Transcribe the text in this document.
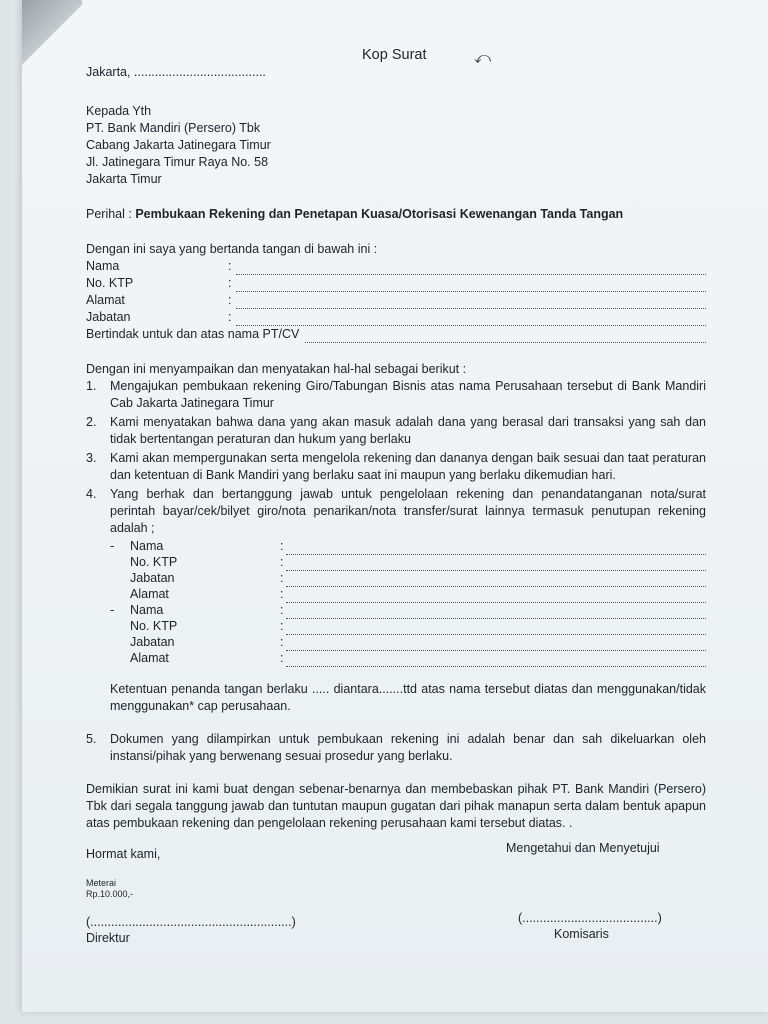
Kop Surat	⤺
Jakarta, ......................................
Kepada Yth
PT. Bank Mandiri (Persero) Tbk
Cabang Jakarta Jatinegara Timur
Jl. Jatinegara Timur Raya No. 58
Jakarta Timur
Perihal : Pembukaan Rekening dan Penetapan Kuasa/Otorisasi Kewenangan Tanda Tangan
Dengan ini saya yang bertanda tangan di bawah ini :
Nama	:
No. KTP	:
Alamat	:
Jabatan	:
Bertindak untuk dan atas nama PT/CV
Dengan ini menyampaikan dan menyatakan hal-hal sebagai berikut :
1.	Mengajukan pembukaan rekening Giro/Tabungan Bisnis atas nama Perusahaan tersebut di Bank Mandiri Cab Jakarta Jatinegara Timur
2.	Kami menyatakan bahwa dana yang akan masuk adalah dana yang berasal dari transaksi yang sah dan tidak bertentangan peraturan dan hukum yang berlaku
3.	Kami akan mempergunakan serta mengelola rekening dan dananya dengan baik sesuai dan taat peraturan dan ketentuan di Bank Mandiri yang berlaku saat ini maupun yang berlaku dikemudian hari.
4.	Yang berhak dan bertanggung jawab untuk pengelolaan rekening dan penandatanganan nota/surat perintah bayar/cek/bilyet giro/nota penarikan/nota transfer/surat lainnya termasuk penutupan rekening adalah ;
-	Nama	:
No. KTP	:
Jabatan	:
Alamat	:
-	Nama	:
No. KTP	:
Jabatan	:
Alamat	:
Ketentuan penanda tangan berlaku ..... diantara.......ttd atas nama tersebut diatas dan menggunakan/tidak menggunakan* cap perusahaan.
5.	Dokumen yang dilampirkan untuk pembukaan rekening ini adalah benar dan sah dikeluarkan oleh instansi/pihak yang berwenang sesuai prosedur yang berlaku.
Demikian surat ini kami buat dengan sebenar-benarnya dan membebaskan pihak PT. Bank Mandiri (Persero) Tbk dari segala tanggung jawab dan tuntutan maupun gugatan dari pihak manapun serta dalam bentuk apapun atas pembukaan rekening dan pengelolaan rekening perusahaan kami tersebut diatas. .
Hormat kami,	Mengetahui dan Menyetujui
Meterai
Rp.10.000,-
(..........................................................)
Direktur
(.......................................)
Komisaris
